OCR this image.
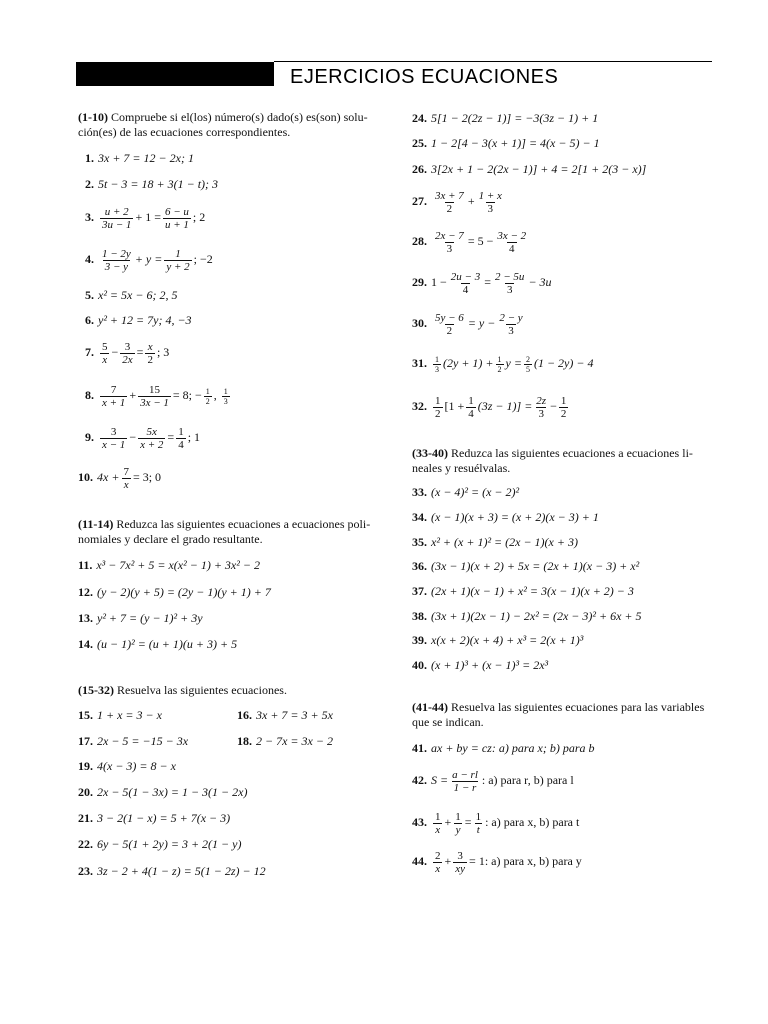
EJERCICIOS ECUACIONES
(1-10) Compruebe si el(los) número(s) dado(s) es(son) solu-
ción(es) de las ecuaciones correspondientes.
1. 3x + 7 = 12 − 2x; 1
2. 5t − 3 = 18 + 3(1 − t); 3
3. $\frac{u + 2}{3u - 1} + 1 = \frac{6 - u}{u + 1}$ ; 2
4. $\frac{1 - 2y}{3 - y} + y = \frac{1}{y + 2}$ ; −2
5. x² = 5x − 6; 2, 5
6. y² + 12 = 7y; 4, −3
7. $\frac{5}{x} - \frac{3}{2x} = \frac{x}{2}$ ; 3
8. $\frac{7}{x + 1} + \frac{15}{3x - 1} = 8$; − $\frac{1}{2}$ , $\frac{1}{3}$
9. $\frac{3}{x - 1} - \frac{5x}{x + 2} = \frac{1}{4}$ ; 1
10. $4x + \frac{7}{x} = 3$; 0
(11-14) Reduzca las siguientes ecuaciones a ecuaciones poli-
nomiales y declare el grado resultante.
11. x³ − 7x² + 5 = x(x² − 1) + 3x² − 2
12. (y − 2)(y + 5) = (2y − 1)(y + 1) + 7
13. y² + 7 = (y − 1)² + 3y
14. (u − 1)² = (u + 1)(u + 3) + 5
(15-32) Resuelva las siguientes ecuaciones.
15. 1 + x = 3 − x	16. 3x + 7 = 3 + 5x
17. 2x − 5 = −15 − 3x	18. 2 − 7x = 3x − 2
19. 4(x − 3) = 8 − x
20. 2x − 5(1 − 3x) = 1 − 3(1 − 2x)
21. 3 − 2(1 − x) = 5 + 7(x − 3)
22. 6y − 5(1 + 2y) = 3 + 2(1 − y)
23. 3z − 2 + 4(1 − z) = 5(1 − 2z) − 12
24. 5[1 − 2(2z − 1)] = −3(3z − 1) + 1
25. 1 − 2[4 − 3(x + 1)] = 4(x − 5) − 1
26. 3[2x + 1 − 2(2x − 1)] + 4 = 2[1 + 2(3 − x)]
27. $\frac{3x + 7}{2} + \frac{1 + x}{3}$
28. $\frac{2x - 7}{3} = 5 - \frac{3x - 2}{4}$
29. $1 - \frac{2u - 3}{4} = \frac{2 - 5u}{3} - 3u$
30. $\frac{5y - 6}{2} = y - \frac{2 - y}{3}$
31. $\frac{1}{3} (2y + 1) + \frac{1}{2}$ $y = \frac{2}{5} (1 - 2y) - 4$
32. $\frac{1}{2} [1 + \frac{1}{4} (3z - 1)] = \frac{2z}{3} - \frac{1}{2}$
(33-40) Reduzca las siguientes ecuaciones a ecuaciones li-
neales y resuélvalas.
33. (x − 4)² = (x − 2)²
34. (x − 1)(x + 3) = (x + 2)(x − 3) + 1
35. x² + (x + 1)² = (2x − 1)(x + 3)
36. (3x − 1)(x + 2) + 5x = (2x + 1)(x − 3) + x²
37. (2x + 1)(x − 1) + x² = 3(x − 1)(x + 2) − 3
38. (3x + 1)(2x − 1) − 2x² = (2x − 3)² + 6x + 5
39. x(x + 2)(x + 4) + x³ = 2(x + 1)³
40. (x + 1)³ + (x − 1)³ = 2x³
(41-44) Resuelva las siguientes ecuaciones para las variables
que se indican.
41. ax + by = cz: a) para x; b) para b
42. $S = \frac{a - rl}{1 - r}$ : a) para r, b) para l
43. $\frac{1}{x} + \frac{1}{y} = \frac{1}{t}$ : a) para x, b) para t
44. $\frac{2}{x} + \frac{3}{xy} = 1$: a) para x, b) para y
